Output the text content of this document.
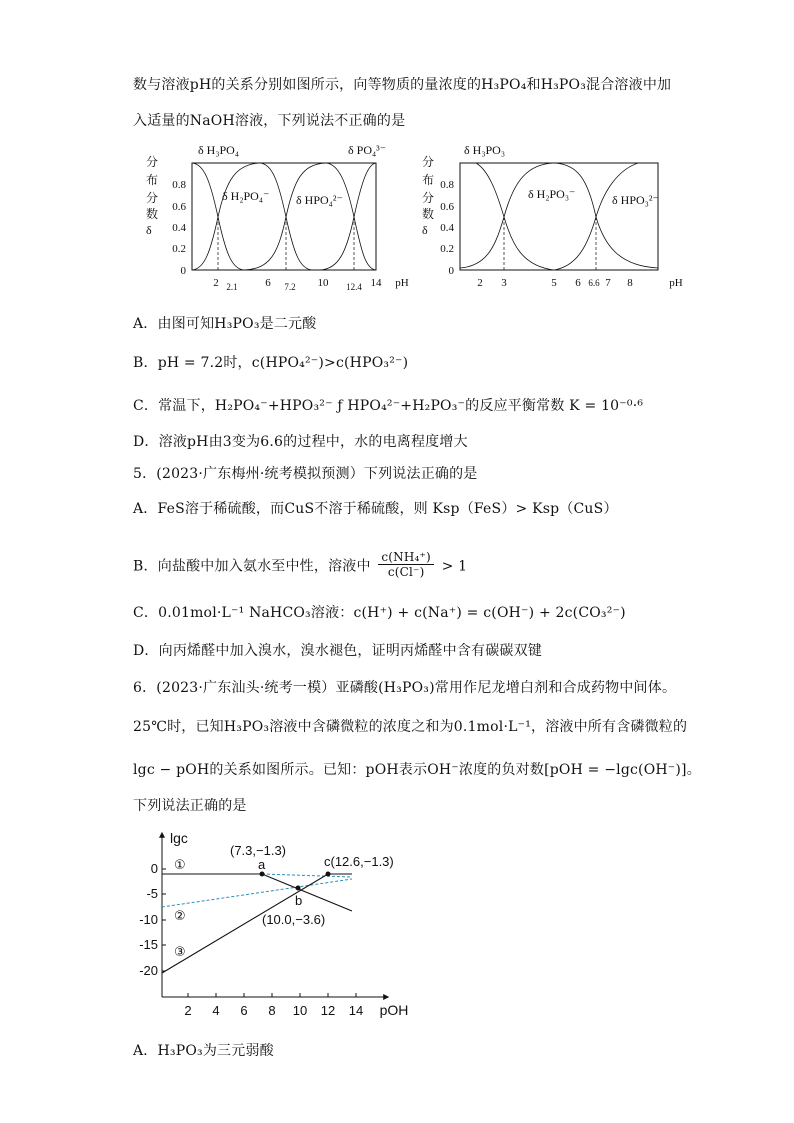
数与溶液pH的关系分别如图所示，向等物质的量浓度的H₃PO₄和H₃PO₃混合溶液中加
入适量的NaOH溶液，下列说法不正确的是
分
布
分
数
δ
0.8
0.6
0.4
0.2
0
δ H₃PO₄	δ PO₄³⁻
δ H₂PO₄⁻ δ HPO₄²⁻
2	6	10	14
2.1	7.2	12.4	pH
分
布
分
数
δ
0.8
0.6
0.4
0.2
0
δ H₃PO₃
δ H₂PO₃⁻	δ HPO₃²⁻
2 3	5 6 6.6 7 8	pH
A．由图可知H₃PO₃是二元酸
B．pH = 7.2时，c(HPO₄²⁻)>c(HPO₃²⁻)
C．常温下，H₂PO₄⁻+HPO₃²⁻ ƒ HPO₄²⁻+H₂PO₃⁻的反应平衡常数 K = 10⁻⁰·⁶
D．溶液pH由3变为6.6的过程中，水的电离程度增大
5．(2023·广东梅州·统考模拟预测）下列说法正确的是
A．FeS溶于稀硫酸，而CuS不溶于稀硫酸，则 Ksp（FeS）> Ksp（CuS）
B．向盐酸中加入氨水至中性，溶液中 $\frac{\text{c(NH₄⁺)}}{c(Cl^-)} > 1$
C．0.01mol·L⁻¹ NaHCO₃溶液：c(H⁺) + c(Na⁺) = c(OH⁻) + 2c(CO₃²⁻)
D．向丙烯醛中加入溴水，溴水褪色，证明丙烯醛中含有碳碳双键
6．(2023·广东汕头·统考一模）亚磷酸(H₃PO₃)常用作尼龙增白剂和合成药物中间体。
25℃时，已知H₃PO₃溶液中含磷微粒的浓度之和为0.1mol·L⁻¹，溶液中所有含磷微粒的
lgc − pOH的关系如图所示。已知：pOH表示OH⁻浓度的负对数[pOH = −lgc(OH⁻)]。
下列说法正确的是
lgc
0
-5
-10
-15
-20
2 4 6 8 10 12 14 pOH
(7.3,−1.3)
a
b
(10.0,−3.6)
c(12.6,−1.3)
①
②
③
A．H₃PO₃为三元弱酸
